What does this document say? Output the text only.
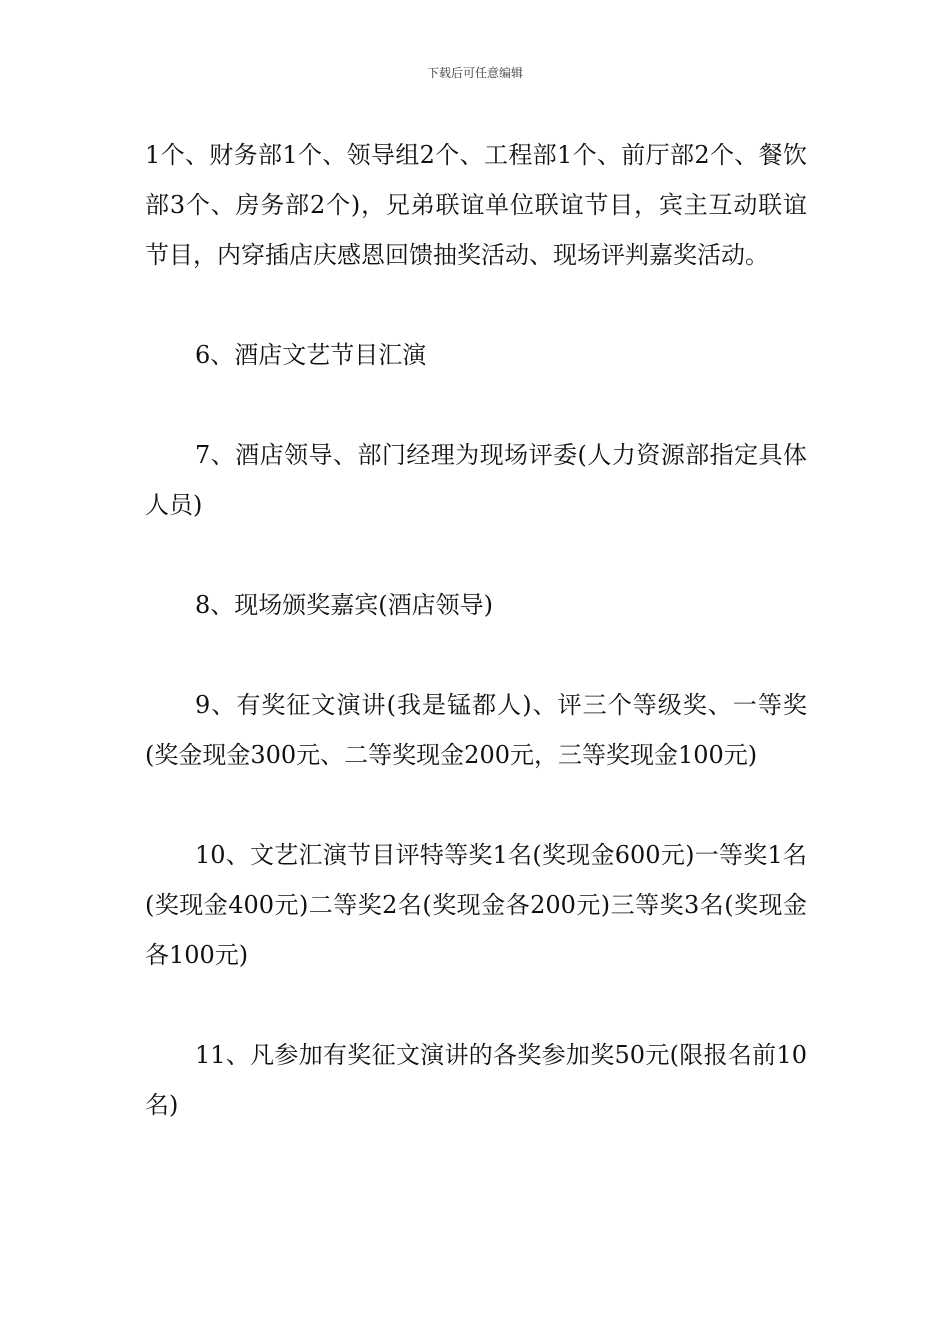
下载后可任意编辑

1个、财务部1个、领导组2个、工程部1个、前厅部2个、餐饮部3个、房务部2个)，兄弟联谊单位联谊节目，宾主互动联谊节目，内穿插店庆感恩回馈抽奖活动、现场评判嘉奖活动。

6、酒店文艺节目汇演

7、酒店领导、部门经理为现场评委(人力资源部指定具体人员)

8、现场颁奖嘉宾(酒店领导)

9、有奖征文演讲(我是锰都人)、评三个等级奖、一等奖(奖金现金300元、二等奖现金200元，三等奖现金100元)

10、文艺汇演节目评特等奖1名(奖现金600元)一等奖1名(奖现金400元)二等奖2名(奖现金各200元)三等奖3名(奖现金各100元)

11、凡参加有奖征文演讲的各奖参加奖50元(限报名前10名)
